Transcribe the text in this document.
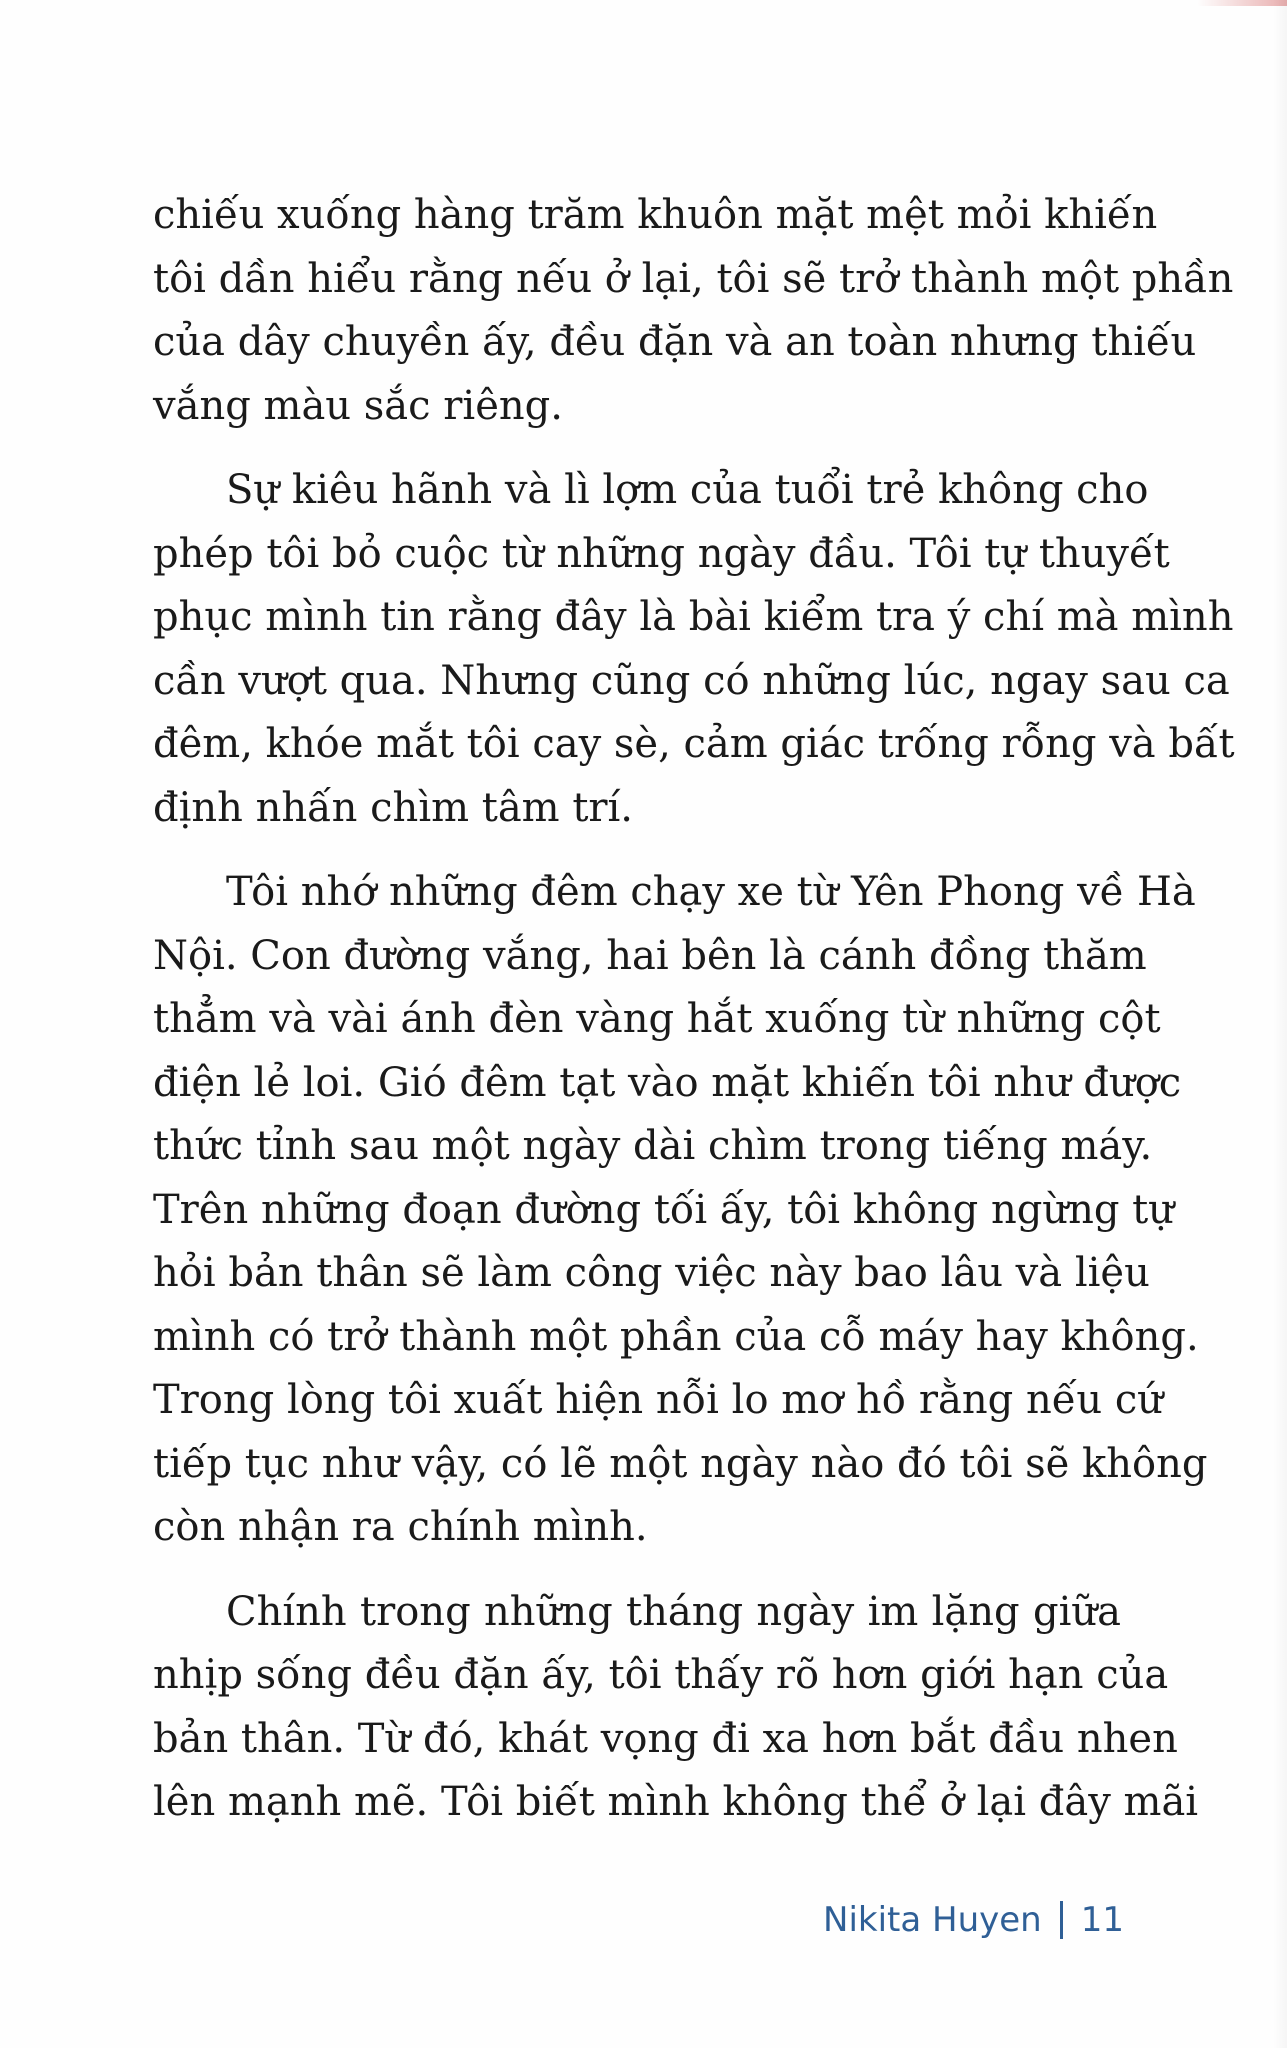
chiếu xuống hàng trăm khuôn mặt mệt mỏi khiến
tôi dần hiểu rằng nếu ở lại, tôi sẽ trở thành một phần
của dây chuyền ấy, đều đặn và an toàn nhưng thiếu
vắng màu sắc riêng.

Sự kiêu hãnh và lì lợm của tuổi trẻ không cho
phép tôi bỏ cuộc từ những ngày đầu. Tôi tự thuyết
phục mình tin rằng đây là bài kiểm tra ý chí mà mình
cần vượt qua. Nhưng cũng có những lúc, ngay sau ca
đêm, khóe mắt tôi cay sè, cảm giác trống rỗng và bất
định nhấn chìm tâm trí.

Tôi nhớ những đêm chạy xe từ Yên Phong về Hà
Nội. Con đường vắng, hai bên là cánh đồng thăm
thẳm và vài ánh đèn vàng hắt xuống từ những cột
điện lẻ loi. Gió đêm tạt vào mặt khiến tôi như được
thức tỉnh sau một ngày dài chìm trong tiếng máy.
Trên những đoạn đường tối ấy, tôi không ngừng tự
hỏi bản thân sẽ làm công việc này bao lâu và liệu
mình có trở thành một phần của cỗ máy hay không.
Trong lòng tôi xuất hiện nỗi lo mơ hồ rằng nếu cứ
tiếp tục như vậy, có lẽ một ngày nào đó tôi sẽ không
còn nhận ra chính mình.

Chính trong những tháng ngày im lặng giữa
nhịp sống đều đặn ấy, tôi thấy rõ hơn giới hạn của
bản thân. Từ đó, khát vọng đi xa hơn bắt đầu nhen
lên mạnh mẽ. Tôi biết mình không thể ở lại đây mãi

Nikita Huyen 11
